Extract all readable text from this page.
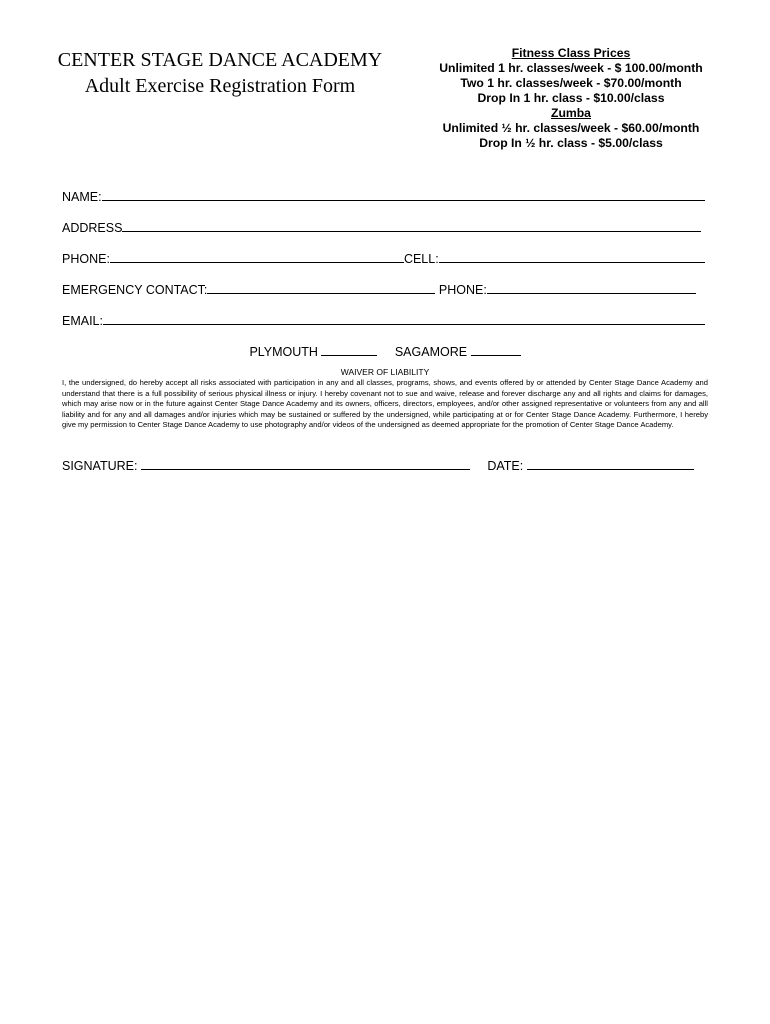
CENTER STAGE DANCE ACADEMY
Adult Exercise Registration Form
Fitness Class Prices
Unlimited 1 hr. classes/week - $ 100.00/month
Two 1 hr. classes/week - $70.00/month
Drop In 1 hr. class - $10.00/class
Zumba
Unlimited ½ hr. classes/week - $60.00/month
Drop In ½ hr. class - $5.00/class
NAME:
ADDRESS
PHONE:	CELL:
EMERGENCY CONTACT:	PHONE:
EMAIL:
PLYMOUTH	SAGAMORE
WAIVER OF LIABILITY
I, the undersigned, do hereby accept all risks associated with participation in any and all classes, programs, shows, and events offered by or attended by Center Stage Dance Academy and understand that there is a full possibility of serious physical illness or injury. I hereby covenant not to sue and waive, release and forever discharge any and all rights and claims for damages, which may arise now or in the future against Center Stage Dance Academy and its owners, officers, directors, employees, and/or other assigned representative or volunteers from any and alll liability and for any and all damages and/or injuries which may be sustained or suffered by the undersigned, while participating at or for Center Stage Dance Academy. Furthermore, I hereby give my permission to Center Stage Dance Academy to use photography and/or videos of the undersigned as deemed appropriate for the promotion of Center Stage Dance Academy.
SIGNATURE:	DATE:
